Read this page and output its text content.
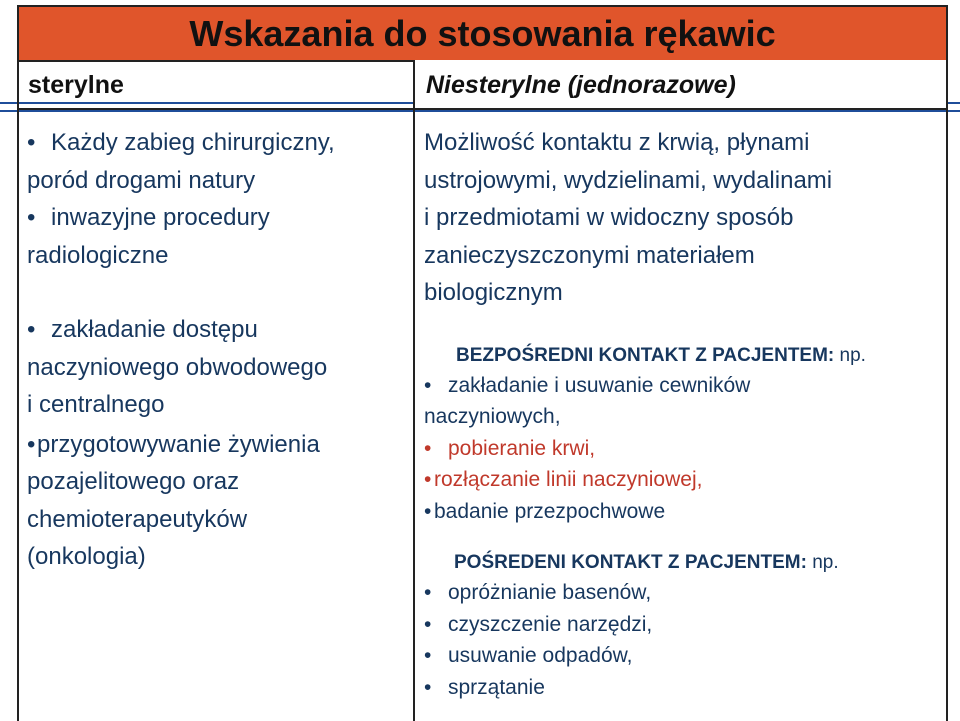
Wskazania do stosowania rękawic
sterylne	Niesterylne (jednorazowe)

• Każdy zabieg chirurgiczny,

poród drogami natury

• inwazyjne procedury

radiologiczne

• zakładanie dostępu

naczyniowego obwodowego

i centralnego

•przygotowywanie żywienia

pozajelitowego oraz

chemioterapeutyków

(onkologia)

Możliwość kontaktu z krwią, płynami

ustrojowymi, wydzielinami, wydalinami

i przedmiotami w widoczny sposób

zanieczyszczonymi materiałem

biologicznym

BEZPOŚREDNI KONTAKT Z PACJENTEM: np.

• zakładanie i usuwanie cewników

naczyniowych,

• pobieranie krwi,

• rozłączanie linii naczyniowej,

• badanie przezpochwowe

POŚREDENI KONTAKT Z PACJENTEM: np.

• opróżnianie basenów,

• czyszczenie narzędzi,

• usuwanie odpadów,

• sprzątanie
